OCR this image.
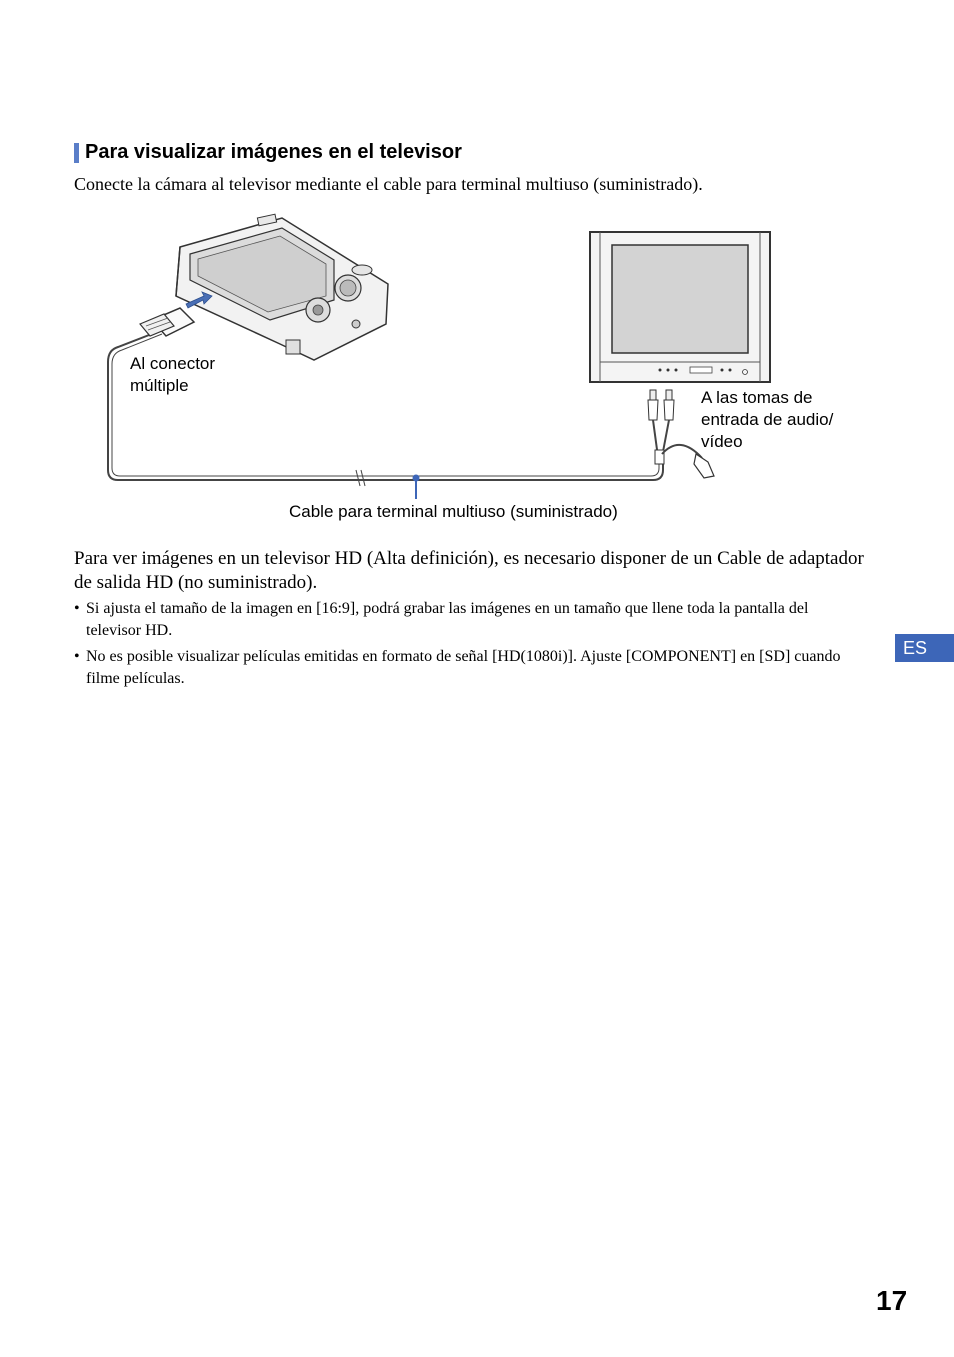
Para visualizar imágenes en el televisor
Conecte la cámara al televisor mediante el cable para terminal multiuso (suministrado).
Al conector
múltiple
A las tomas de
entrada de audio/
vídeo
Cable para terminal multiuso (suministrado)
Para ver imágenes en un televisor HD (Alta definición), es necesario disponer de un Cable de adaptador de salida HD (no suministrado).
• Si ajusta el tamaño de la imagen en [16:9], podrá grabar las imágenes en un tamaño que llene toda la pantalla del televisor HD.
• No es posible visualizar películas emitidas en formato de señal [HD(1080i)]. Ajuste [COMPONENT] en [SD] cuando filme películas.
ES
17
